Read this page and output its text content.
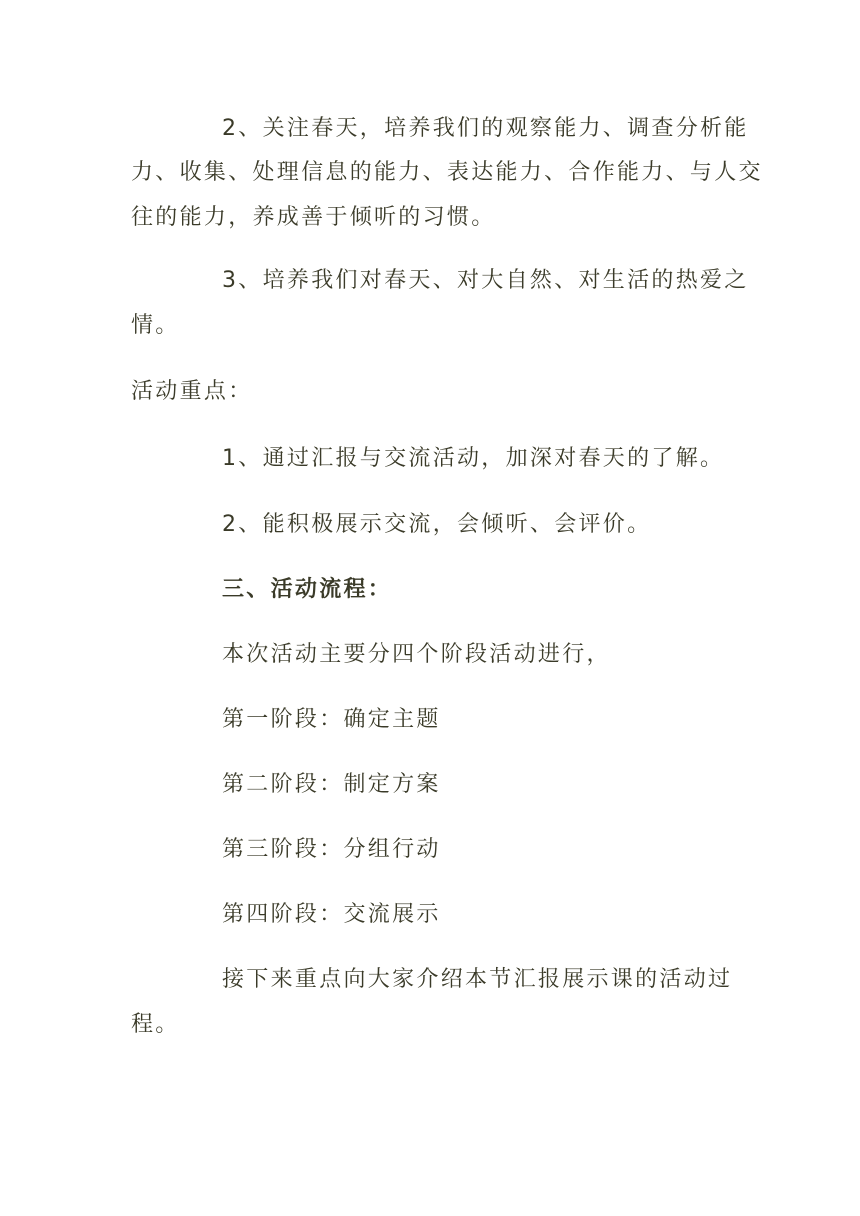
2、关注春天，培养我们的观察能力、调查分析能
力、收集、处理信息的能力、表达能力、合作能力、与人交
往的能力，养成善于倾听的习惯。
3、培养我们对春天、对大自然、对生活的热爱之
情。
活动重点：
1、通过汇报与交流活动，加深对春天的了解。
2、能积极展示交流，会倾听、会评价。
三、活动流程：
本次活动主要分四个阶段活动进行，
第一阶段：确定主题
第二阶段：制定方案
第三阶段：分组行动
第四阶段：交流展示
接下来重点向大家介绍本节汇报展示课的活动过
程。
